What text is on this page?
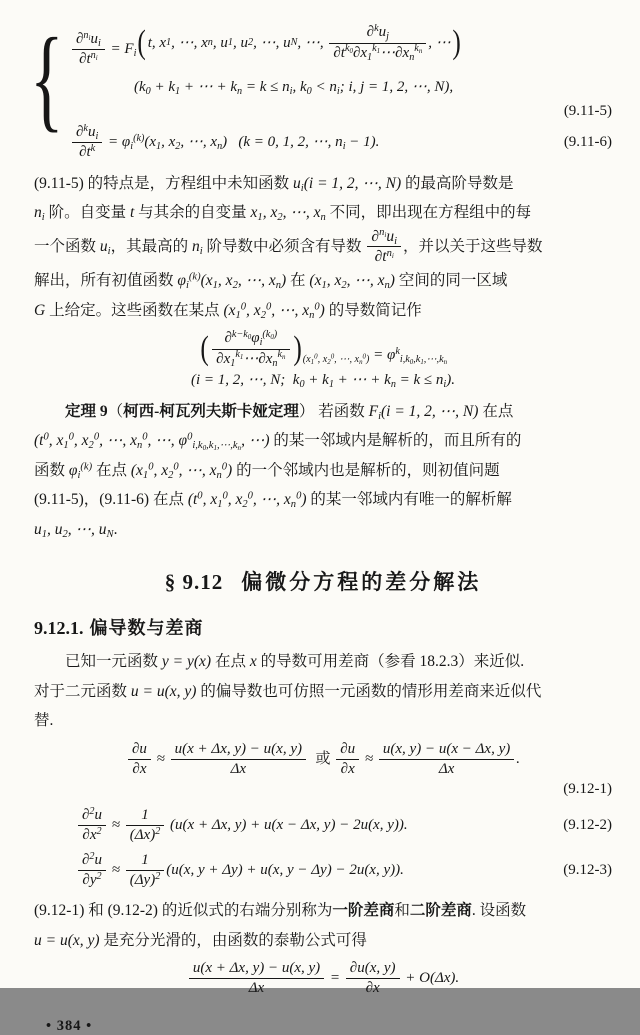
{ $\frac{\partial^{n_i}u_i}{\partial t^{n_i}} = F_i$
( t, x 1 , ⋯, x n , u 1 , u 2 , ⋯, u N , ⋯, $\frac{\partial^ku_j}{\partial t^{k_0}\partial x_1^{k_1}\cdots\partial x_n^{k_n}}$ , ⋯
)
($k_0 + k_1$ + ⋯ + $k_n = k \le n_i$, $k_0 < n_i$; i, j = 1, 2, ⋯, N),
(9.11-5)
$\frac{\partial^ku_i}{\partial t^k} = \varphi_i^{(k)}(x_1$, $x_2$, ⋯, $x_n$)   (k = 0, 1, 2, ⋯, $n_i - 1$).	(9.11-6)
(9.11-5) 的特点是，方程组中未知函数 $u_i(i = 1$, 2, ⋯, N) 的最高阶导数是
$n_i$ 阶。自变量 t 与其余的自变量 $x_1$, $x_2$, ⋯, $x_n$ 不同，即出现在方程组中的每
一个函数 $u_i$，其最高的 $n_i$ 阶导数中必须含有导数 $\frac{\partial^{n_i}u_i}{\partial t^{n_i}}$ ，并以关于这些导数
解出，所有初值函数 $\varphi_i^{(k)}(x_1$, $x_2$, ⋯, $x_n$) 在 ($x_1$, $x_2$, ⋯, $x_n$) 空间的同一区域
G 上给定。这些函数在某点 ($x_1^0$, $x_2^0$, ⋯, $x_n^0$) 的导数简记作
( $\frac{\partial^{k-k_0}\varphi_i^{(k_0)}}{\partial x_1^{k_1}\cdots\partial x_n^{k_n}}$
) $_{(x_1^0, x_2^0, \cdots, x_n^0)} = \varphi^k_{i,k_0,k_1,\cdots,k_n}$
(i = 1, 2, ⋯, N;  $k_0 + k_1$ + ⋯ + $k_n = k \le n_i$).
定理 9（柯西-柯瓦列夫斯卡娅定理） 若函数 $F_i(i = 1$, 2, ⋯, N) 在点
($t^0$, $x_1^0$, $x_2^0$, ⋯, $x_n^0$, ⋯, $\varphi^0_{i,k_0,k_1,\cdots,k_n}$, ⋯) 的某一邻域内是解析的，而且所有的
函数 $\varphi_i^{(k)}$ 在点 ($x_1^0$, $x_2^0$, ⋯, $x_n^0$) 的一个邻域内也是解析的，则初值问题
(9.11-5)，(9.11-6) 在点 ($t^0$, $x_1^0$, $x_2^0$, ⋯, $x_n^0$) 的某一邻域内有唯一的解析解
$u_1$, $u_2$, ⋯, $u_N$.
§ 9.12 偏微分方程的差分解法
9.12.1. 偏导数与差商
已知一元函数 y = y(x) 在点 x 的导数可用差商（参看 18.2.3）来近似.
对于二元函数 u = u(x, y) 的偏导数也可仿照一元函数的情形用差商来近似代
替.
$\frac{\partial u}{\partial x} \approx \frac{u(x + \Delta x, y) - u(x, y)}{\Delta x}$ 或 $\frac{\partial u}{\partial x} \approx \frac{u(x, y) - u(x - \Delta x, y)}{\Delta x}$ .
(9.12-1)
$\frac{\partial^2u}{\partial x^2} \approx \frac{1}{(\Delta x)^2} (u(x + \Delta x$, y) + u(x − Δx, y) − 2u(x, y)).	(9.12-2)
$\frac{\partial^2u}{\partial y^2} \approx \frac{1}{(\Delta y)^2} (u(x$, y + Δy) + u(x, y − Δy) − 2u(x, y)).	(9.12-3)
(9.12-1) 和 (9.12-2) 的近似式的右端分别称为一阶差商和二阶差商. 设函数
u = u(x, y) 是充分光滑的，由函数的泰勒公式可得
$\frac{u(x + \Delta x, y) - u(x, y)}{\Delta x} = \frac{\partial u(x, y)}{\partial x} + O(\Delta x)$.
• 384 •
